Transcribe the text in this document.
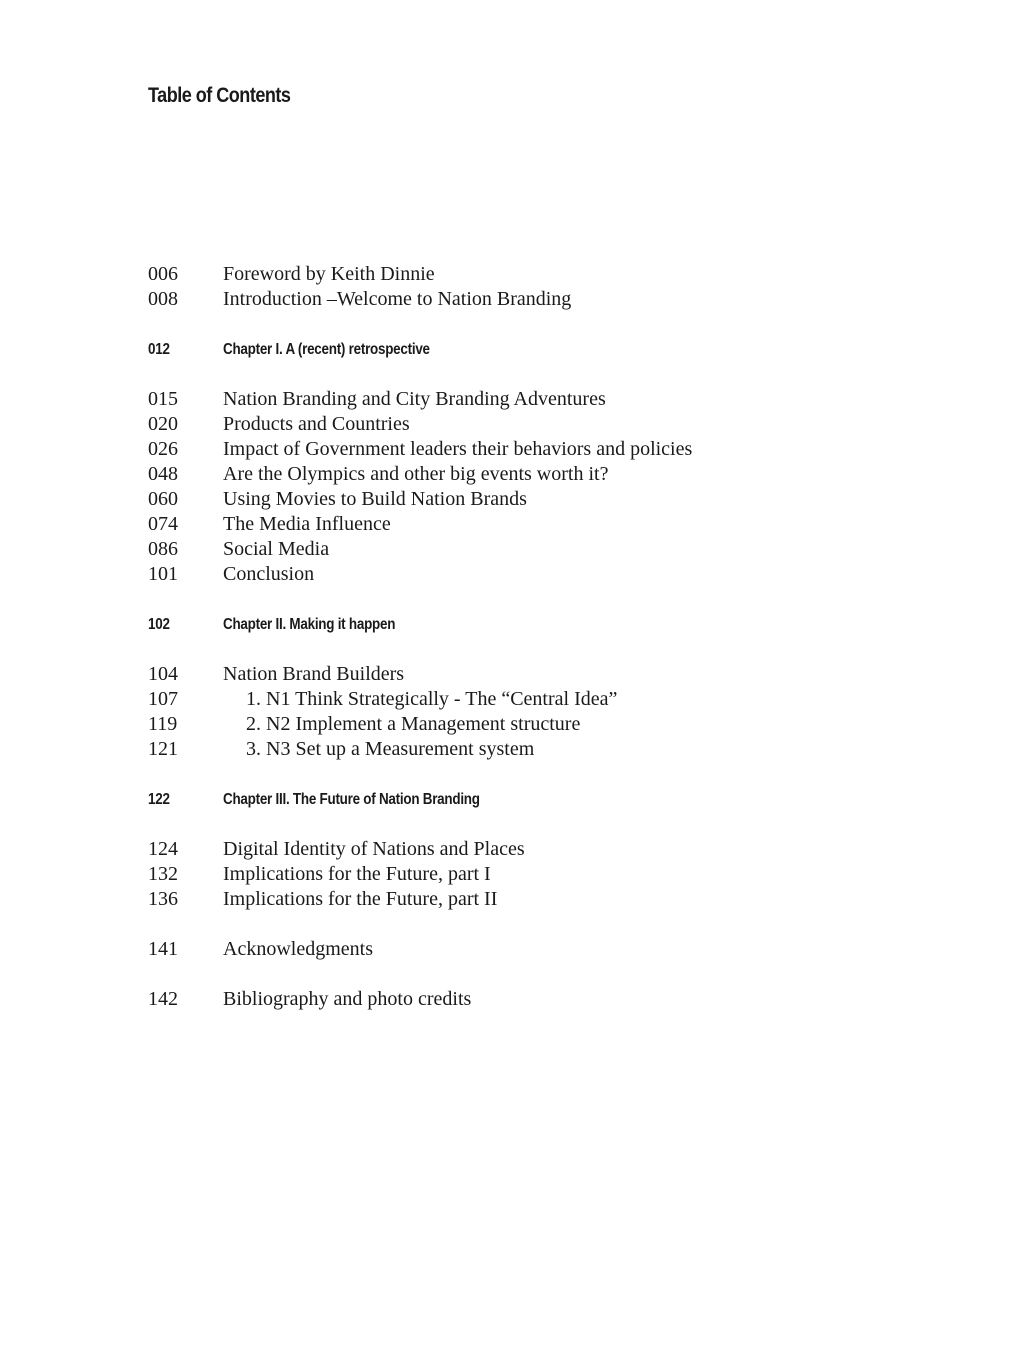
Table of Contents
006 Foreword by Keith Dinnie
008 Introduction –Welcome to Nation Branding
012	Chapter I. A (recent) retrospective
015 Nation Branding and City Branding Adventures
020 Products and Countries
026 Impact of Government leaders their behaviors and policies
048 Are the Olympics and other big events worth it?
060 Using Movies to Build Nation Brands
074 The Media Influence
086 Social Media
101 Conclusion
102	Chapter II. Making it happen
104 Nation Brand Builders
107	1. N1 Think Strategically - The “Central Idea”
119	2. N2 Implement a Management structure
121	3. N3 Set up a Measurement system
122	Chapter III. The Future of Nation Branding
124 Digital Identity of Nations and Places
132 Implications for the Future, part I
136 Implications for the Future, part II
141 Acknowledgments
142 Bibliography and photo credits
